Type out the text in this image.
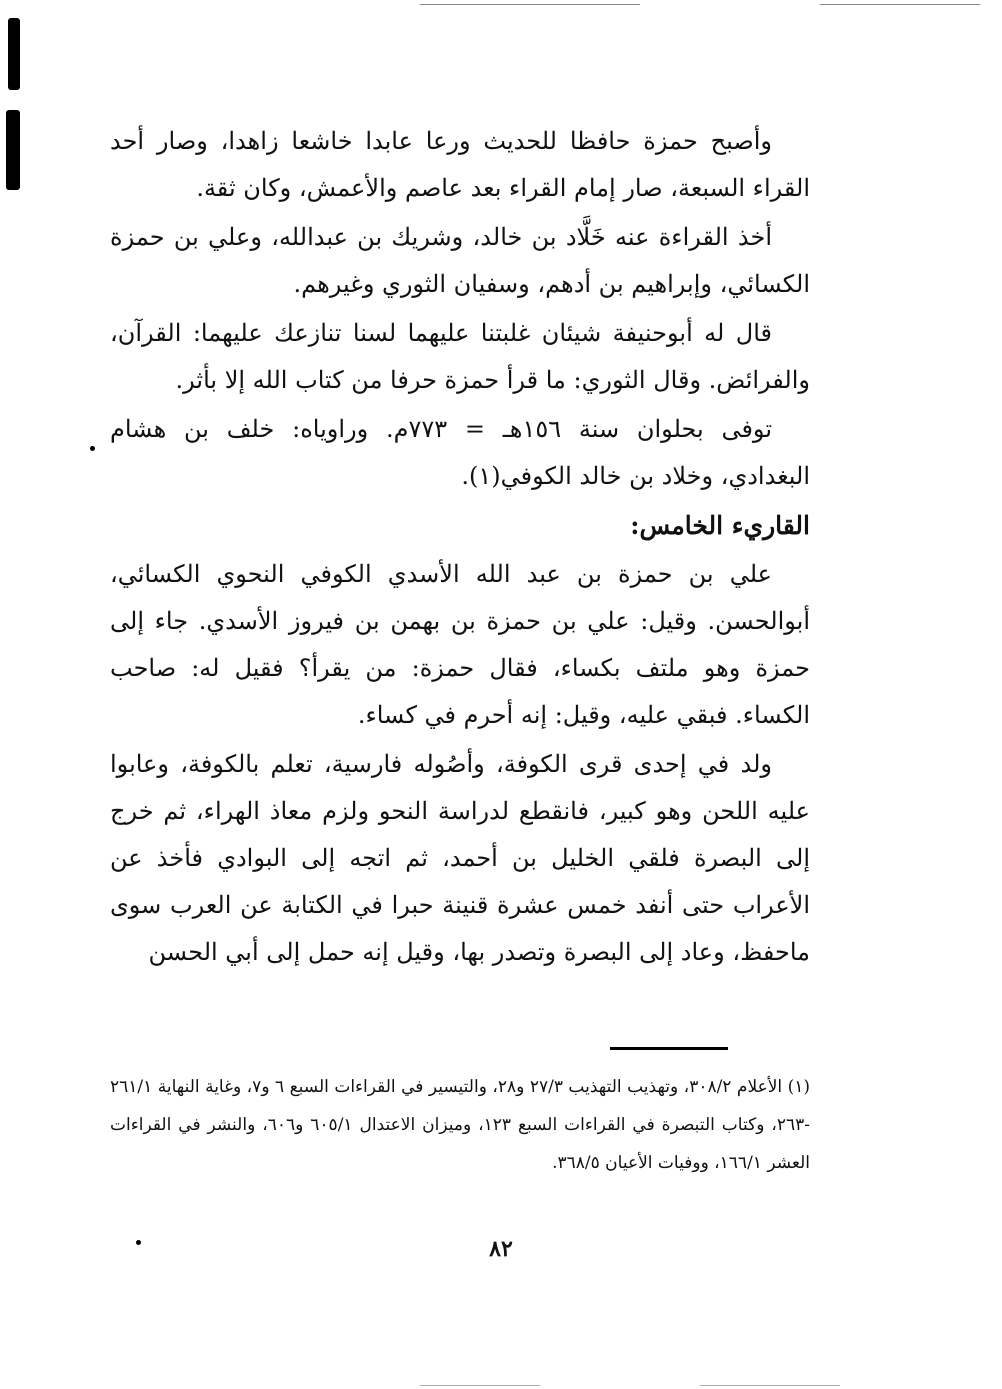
وأصبح حمزة حافظا للحديث ورعا عابدا خاشعا زاهدا، وصار أحد القراء السبعة، صار إمام القراء بعد عاصم والأعمش، وكان ثقة.

أخذ القراءة عنه خَلَّاد بن خالد، وشريك بن عبدالله، وعلي بن حمزة الكسائي، وإبراهيم بن أدهم، وسفيان الثوري وغيرهم.

قال له أبوحنيفة شيئان غلبتنا عليهما لسنا تنازعك عليهما: القرآن، والفرائض. وقال الثوري: ما قرأ حمزة حرفا من كتاب الله إلا بأثر.

توفى بحلوان سنة ١٥٦هـ = ٧٧٣م. وراوياه: خلف بن هشام البغدادي، وخلاد بن خالد الكوفي(١).

القاريء الخامس:

علي بن حمزة بن عبد الله الأسدي الكوفي النحوي الكسائي، أبوالحسن. وقيل: علي بن حمزة بن بهمن بن فيروز الأسدي. جاء إلى حمزة وهو ملتف بكساء، فقال حمزة: من يقرأ؟ فقيل له: صاحب الكساء. فبقي عليه، وقيل: إنه أحرم في كساء.

ولد في إحدى قرى الكوفة، وأصُوله فارسية، تعلم بالكوفة، وعابوا عليه اللحن وهو كبير، فانقطع لدراسة النحو ولزم معاذ الهراء، ثم خرج إلى البصرة فلقي الخليل بن أحمد، ثم اتجه إلى البوادي فأخذ عن الأعراب حتى أنفد خمس عشرة قنينة حبرا في الكتابة عن العرب سوى ماحفظ، وعاد إلى البصرة وتصدر بها، وقيل إنه حمل إلى أبي الحسن

(١) الأعلام ٣٠٨/٢، وتهذيب التهذيب ٢٧/٣ و٢٨، والتيسير في القراءات السبع ٦ و٧، وغاية النهاية ٢٦١/١ -٢٦٣، وكتاب التبصرة في القراءات السبع ١٢٣، وميزان الاعتدال ٦٠٥/١ و٦٠٦، والنشر في القراءات العشر ١٦٦/١، ووفيات الأعيان ٣٦٨/٥.

٨٢
